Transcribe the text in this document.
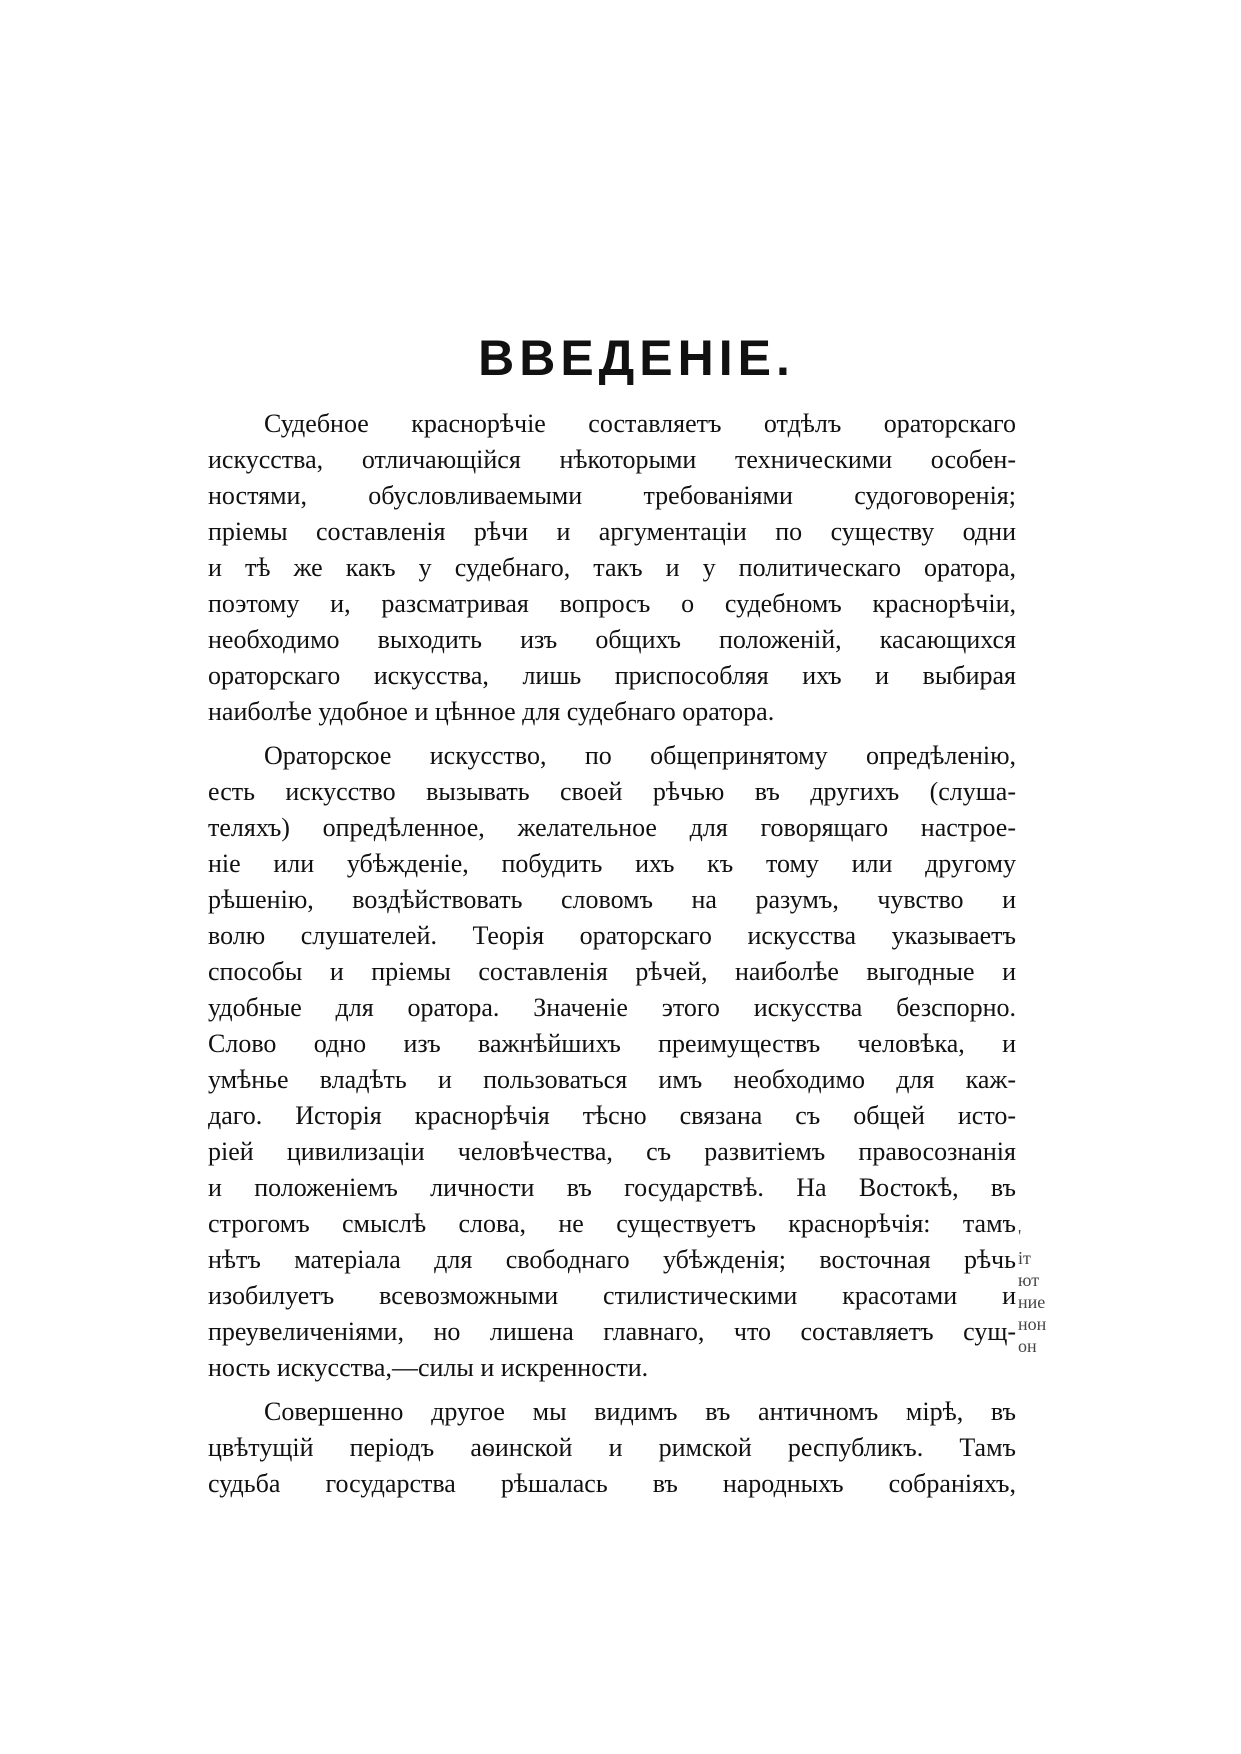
ВВЕДЕНІЕ.
Судебное краснорѣчіе составляетъ отдѣлъ ораторскаго
искусства, отличающійся нѣкоторыми техническими особен-
ностями, обусловливаемыми требованіями судоговоренія;
пріемы составленія рѣчи и аргументаціи по существу одни
и тѣ же какъ у судебнаго, такъ и у политическаго оратора,
поэтому и, разсматривая вопросъ о судебномъ краснорѣчіи,
необходимо выходить изъ общихъ положеній, касающихся
ораторскаго искусства, лишь приспособляя ихъ и выбирая
наиболѣе удобное и цѣнное для судебнаго оратора.
Ораторское искусство, по общепринятому опредѣленію,
есть искусство вызывать своей рѣчью въ другихъ (слуша-
теляхъ) опредѣленное, желательное для говорящаго настрое-
ніе или убѣжденіе, побудить ихъ къ тому или другому
рѣшенію, воздѣйствовать словомъ на разумъ, чувство и
волю слушателей. Теорія ораторскаго искусства указываетъ
способы и пріемы составленія рѣчей, наиболѣе выгодные и
удобные для оратора. Значеніе этого искусства безспорно.
Слово одно изъ важнѣйшихъ преимуществъ человѣка, и
умѣнье владѣть и пользоваться имъ необходимо для каж-
даго. Исторія краснорѣчія тѣсно связана съ общей исто-
ріей цивилизаціи человѣчества, съ развитіемъ правосознанія
и положеніемъ личности въ государствѣ. На Востокѣ, въ
строгомъ смыслѣ слова, не существуетъ краснорѣчія: тамъ
нѣтъ матеріала для свободнаго убѣжденія; восточная рѣчь
изобилуетъ всевозможными стилистическими красотами и
преувеличеніями, но лишена главнаго, что составляетъ сущ-
ность искусства,—силы и искренности.
Совершенно другое мы видимъ въ античномъ мірѣ, въ
цвѣтущій періодъ аѳинской и римской республикъ. Тамъ
судьба государства рѣшалась въ народныхъ собраніяхъ,
'
іт
ют
ние
нон
он
